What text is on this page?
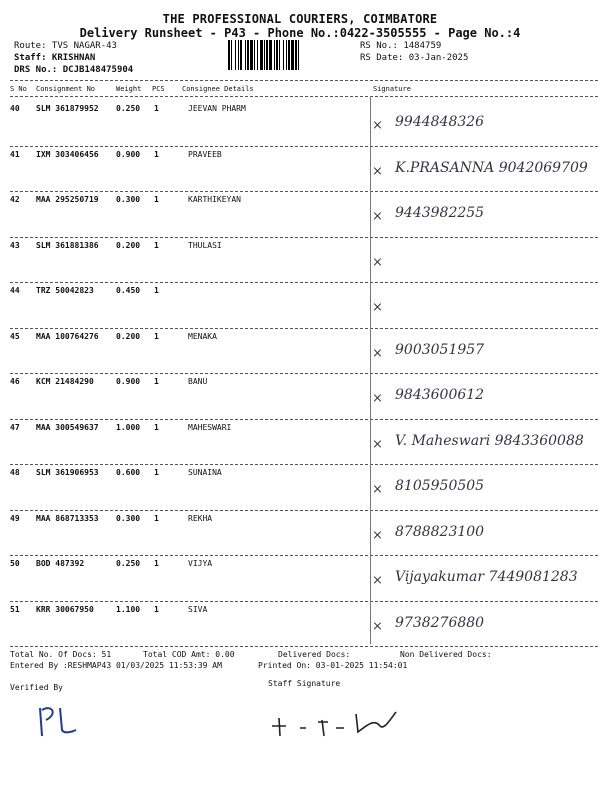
THE PROFESSIONAL COURIERS, COIMBATORE
Delivery Runsheet - P43 - Phone No.:0422-3505555 - Page No.:4
Route: TVS NAGAR-43
Staff: KRISHNAN
DRS No.: DCJB148475904
RS No.: 1484759
RS Date: 03-Jan-2025
S No Consignment No	Weight PCS Consignee Details	Signature
40 SLM 361879952 0.250 1	JEEVAN PHARM
9944848326
×
41 IXM 303406456 0.900 1	PRAVEEB
K.PRASANNA 9042069709
×
42 MAA 295250719 0.300 1	KARTHIKEYAN
9443982255
×
43 SLM 361881386 0.200 1	THULASI
×
44 TRZ 50042823	0.450 1
×
45 MAA 100764276 0.200 1	MENAKA
9003051957
×
46 KCM 21484290	0.900 1	BANU
9843600612
×
47 MAA 300549637 1.000 1	MAHESWARI
V. Maheswari 9843360088
×
48 SLM 361906953 0.600 1	SUNAINA
8105950505
×
49 MAA 868713353 0.300 1	REKHA
8788823100
×
50 BOD 487392	0.250 1	VIJYA
Vijayakumar 7449081283
×
51 KRR 30067950	1.100 1	SIVA
9738276880
×
Total No. Of Docs: 51	Total COD Amt: 0.00	Delivered Docs:	Non Delivered Docs:
Entered By :RESHMAP43 01/03/2025 11:53:39 AM	Printed On: 03-01-2025 11:54:01
Verified By	Staff Signature
